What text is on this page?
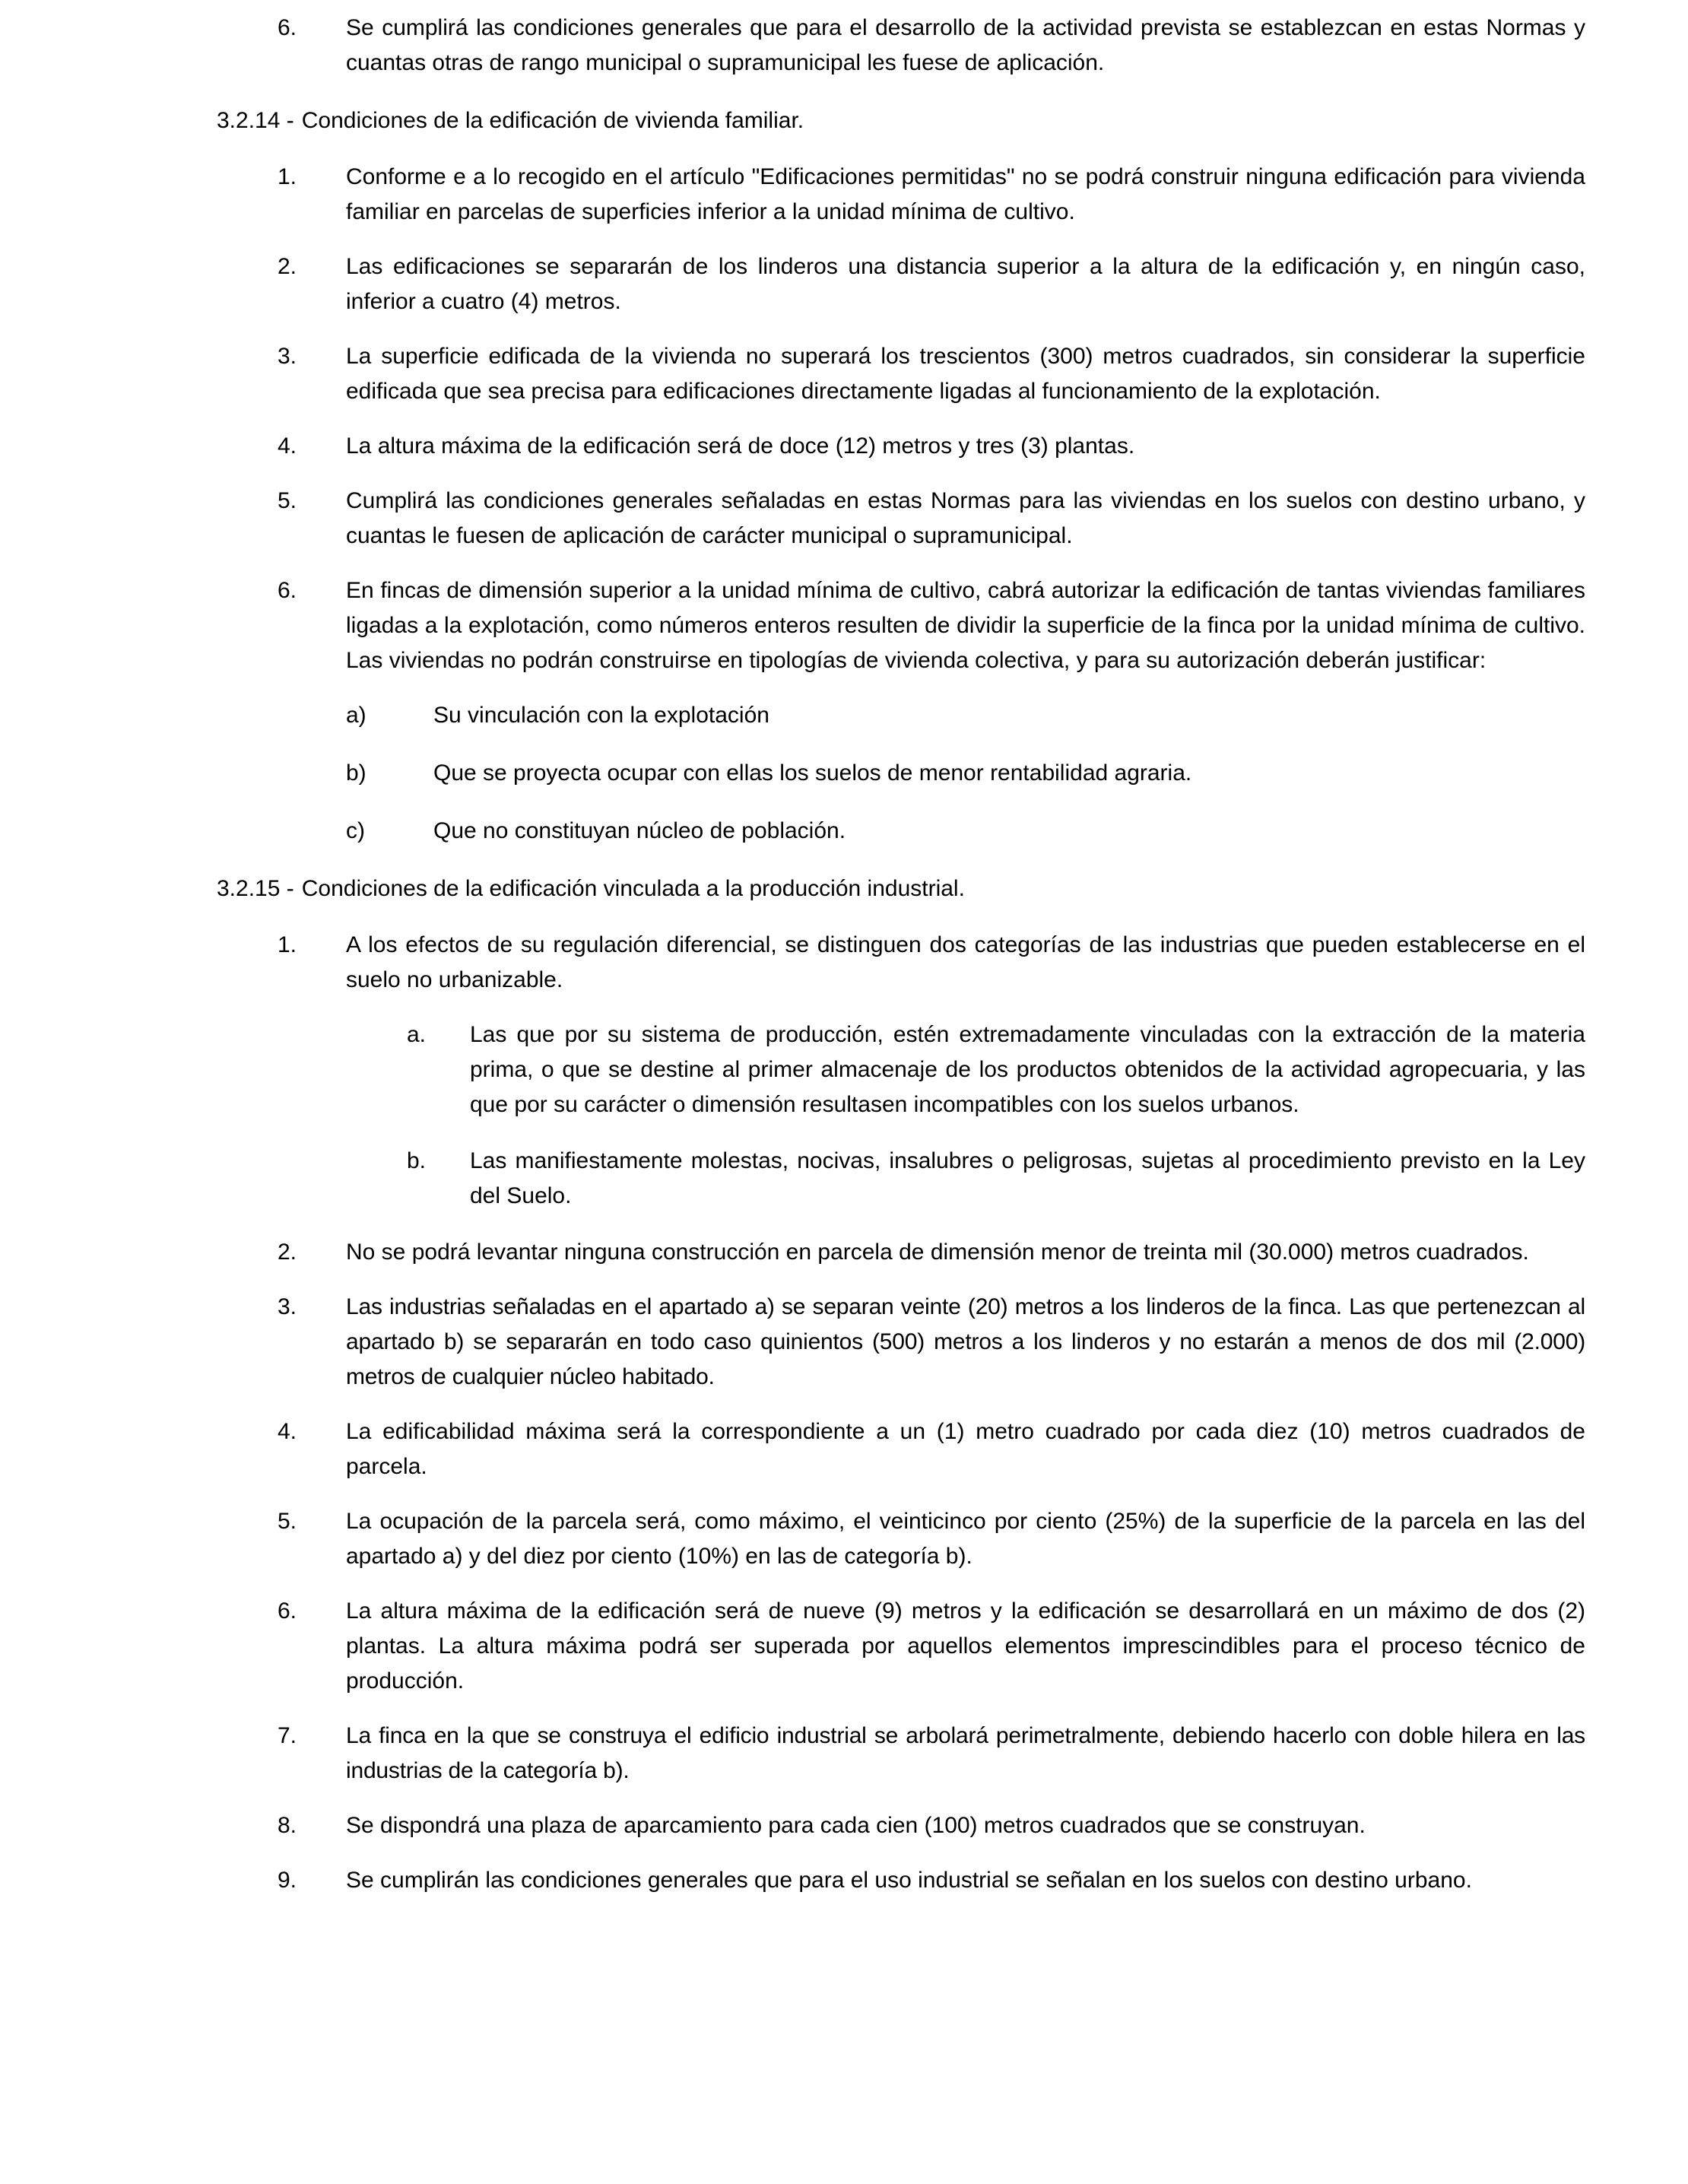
6.	Se cumplirá las condiciones generales que para el desarrollo de la actividad prevista se establezcan en estas Normas y cuantas otras de rango municipal o supramunicipal les fuese de aplicación.
3.2.14 - Condiciones de la edificación de vivienda familiar.
1.	Conforme e a lo recogido en el artículo "Edificaciones permitidas" no se podrá construir ninguna edificación para vivienda familiar en parcelas de superficies inferior a la unidad mínima de cultivo.
2.	Las edificaciones se separarán de los linderos una distancia superior a la altura de la edificación y, en ningún caso, inferior a cuatro (4) metros.
3.	La superficie edificada de la vivienda no superará los trescientos (300) metros cuadrados, sin considerar la superficie edificada que sea precisa para edificaciones directamente ligadas al funcionamiento de la explotación.
4.	La altura máxima de la edificación será de doce (12) metros y tres (3) plantas.
5.	Cumplirá las condiciones generales señaladas en estas Normas para las viviendas en los suelos con destino urbano, y cuantas le fuesen de aplicación de carácter municipal o supramunicipal.
6.	En fincas de dimensión superior a la unidad mínima de cultivo, cabrá autorizar la edificación de tantas viviendas familiares ligadas a la explotación, como números enteros resulten de dividir la superficie de la finca por la unidad mínima de cultivo. Las viviendas no podrán construirse en tipologías de vivienda colectiva, y para su autorización deberán justificar:
a)	Su vinculación con la explotación
b)	Que se proyecta ocupar con ellas los suelos de menor rentabilidad agraria.
c)	Que no constituyan núcleo de población.
3.2.15 - Condiciones de la edificación vinculada a la producción industrial.
1.	A los efectos de su regulación diferencial, se distinguen dos categorías de las industrias que pueden establecerse en el suelo no urbanizable.
a.	Las que por su sistema de producción, estén extremadamente vinculadas con la extracción de la materia prima, o que se destine al primer almacenaje de los productos obtenidos de la actividad agropecuaria, y las que por su carácter o dimensión resultasen incompatibles con los suelos urbanos.
b.	Las manifiestamente molestas, nocivas, insalubres o peligrosas, sujetas al procedimiento previsto en la Ley del Suelo.
2.	No se podrá levantar ninguna construcción en parcela de dimensión menor de treinta mil (30.000) metros cuadrados.
3.	Las industrias señaladas en el apartado a) se separan veinte (20) metros a los linderos de la finca. Las que pertenezcan al apartado b) se separarán en todo caso quinientos (500) metros a los linderos y no estarán a menos de dos mil (2.000) metros de cualquier núcleo habitado.
4.	La edificabilidad máxima será la correspondiente a un (1) metro cuadrado por cada diez (10) metros cuadrados de parcela.
5.	La ocupación de la parcela será, como máximo, el veinticinco por ciento (25%) de la superficie de la parcela en las del apartado a) y del diez por ciento (10%) en las de categoría b).
6.	La altura máxima de la edificación será de nueve (9) metros y la edificación se desarrollará en un máximo de dos (2) plantas. La altura máxima podrá ser superada por aquellos elementos imprescindibles para el proceso técnico de producción.
7.	La finca en la que se construya el edificio industrial se arbolará perimetralmente, debiendo hacerlo con doble hilera en las industrias de la categoría b).
8.	Se dispondrá una plaza de aparcamiento para cada cien (100) metros cuadrados que se construyan.
9.	Se cumplirán las condiciones generales que para el uso industrial se señalan en los suelos con destino urbano.
